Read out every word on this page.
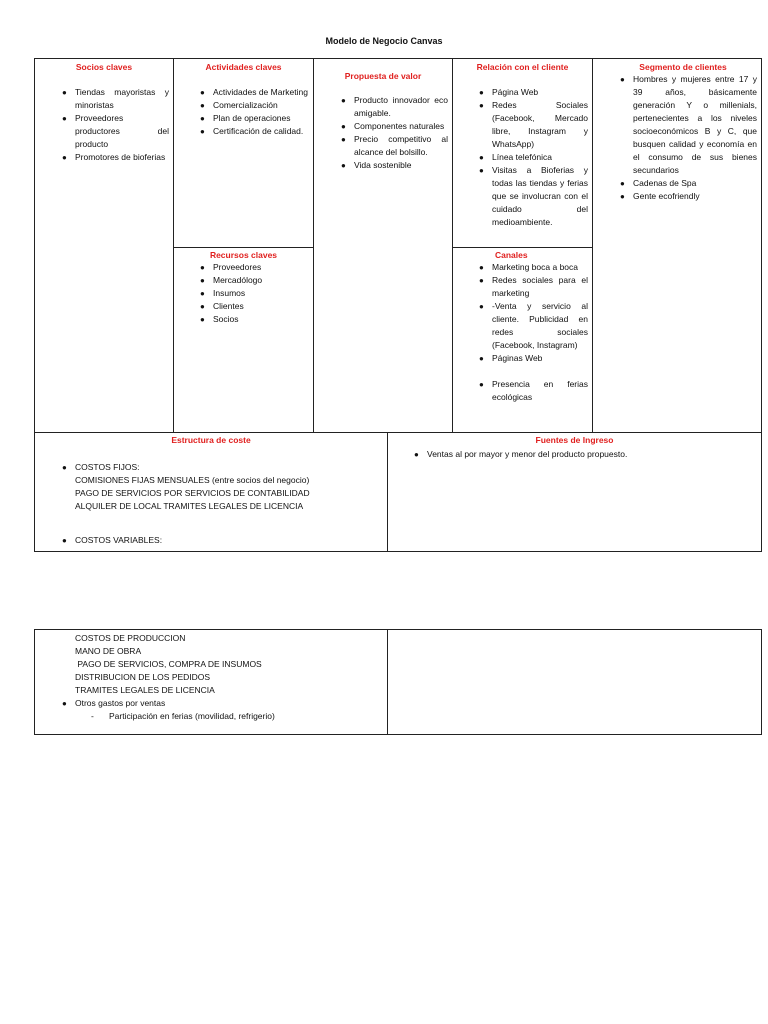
Modelo de Negocio Canvas
Socios claves
● Tiendas mayoristas y minoristas
● Proveedores productores del producto
● Promotores de bioferias
Actividades claves
● Actividades de Marketing
● Comercialización
● Plan de operaciones
● Certificación de calidad.
Recursos claves
● Proveedores
● Mercadólogo
● Insumos
● Clientes
● Socios
Propuesta de valor
● Producto innovador eco amigable.
● Componentes naturales
● Precio competitivo al alcance del bolsillo.
● Vida sostenible
Relación con el cliente
● Página Web
● Redes Sociales (Facebook, Mercado libre, Instagram y WhatsApp)
● Línea telefónica
● Visitas a Bioferias y todas las tiendas y ferias que se involucran con el cuidado del medioambiente.
Canales
● Marketing boca a boca
● Redes sociales para el marketing
● -Venta y servicio al cliente. Publicidad en redes sociales (Facebook, Instagram)
● Páginas Web
● Presencia en ferias ecológicas
Segmento de clientes
● Hombres y mujeres entre 17 y 39 años, básicamente generación Y o millenials, pertenecientes a los niveles socioeconómicos B y C, que busquen calidad y economía en el consumo de sus bienes secundarios
● Cadenas de Spa
● Gente ecofriendly
Estructura de coste
● COSTOS FIJOS:
COMISIONES FIJAS MENSUALES (entre socios del negocio)
PAGO DE SERVICIOS POR SERVICIOS DE CONTABILIDAD
ALQUILER DE LOCAL TRAMITES LEGALES DE LICENCIA
● COSTOS VARIABLES:
Fuentes de Ingreso
● Ventas al por mayor y menor del producto propuesto.
COSTOS DE PRODUCCION
MANO DE OBRA
PAGO DE SERVICIOS, COMPRA DE INSUMOS
DISTRIBUCION DE LOS PEDIDOS
TRAMITES LEGALES DE LICENCIA
● Otros gastos por ventas
- Participación en ferias (movilidad, refrigerio)
